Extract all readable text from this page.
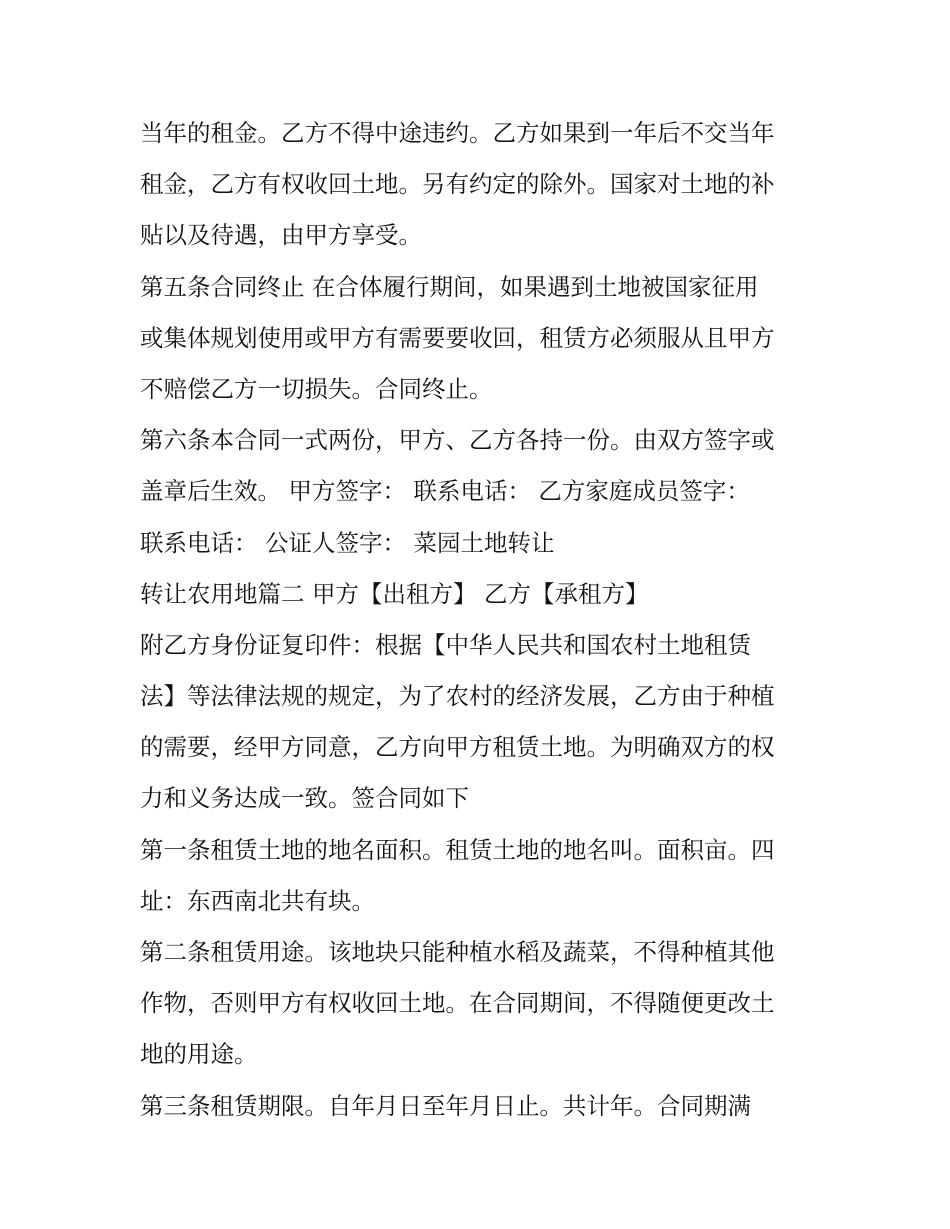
当年的租金。乙方不得中途违约。乙方如果到一年后不交当年
租金，乙方有权收回土地。另有约定的除外。国家对土地的补
贴以及待遇，由甲方享受。
第五条合同终止 在合体履行期间，如果遇到土地被国家征用
或集体规划使用或甲方有需要要收回，租赁方必须服从且甲方
不赔偿乙方一切损失。合同终止。
第六条本合同一式两份，甲方、乙方各持一份。由双方签字或
盖章后生效。 甲方签字： 联系电话： 乙方家庭成员签字：
联系电话： 公证人签字： 菜园土地转让
转让农用地篇二 甲方【出租方】 乙方【承租方】
附乙方身份证复印件：根据【中华人民共和国农村土地租赁
法】等法律法规的规定，为了农村的经济发展，乙方由于种植
的需要，经甲方同意，乙方向甲方租赁土地。为明确双方的权
力和义务达成一致。签合同如下
第一条租赁土地的地名面积。租赁土地的地名叫。面积亩。四
址：东西南北共有块。
第二条租赁用途。该地块只能种植水稻及蔬菜，不得种植其他
作物，否则甲方有权收回土地。在合同期间，不得随便更改土
地的用途。
第三条租赁期限。自年月日至年月日止。共计年。合同期满
